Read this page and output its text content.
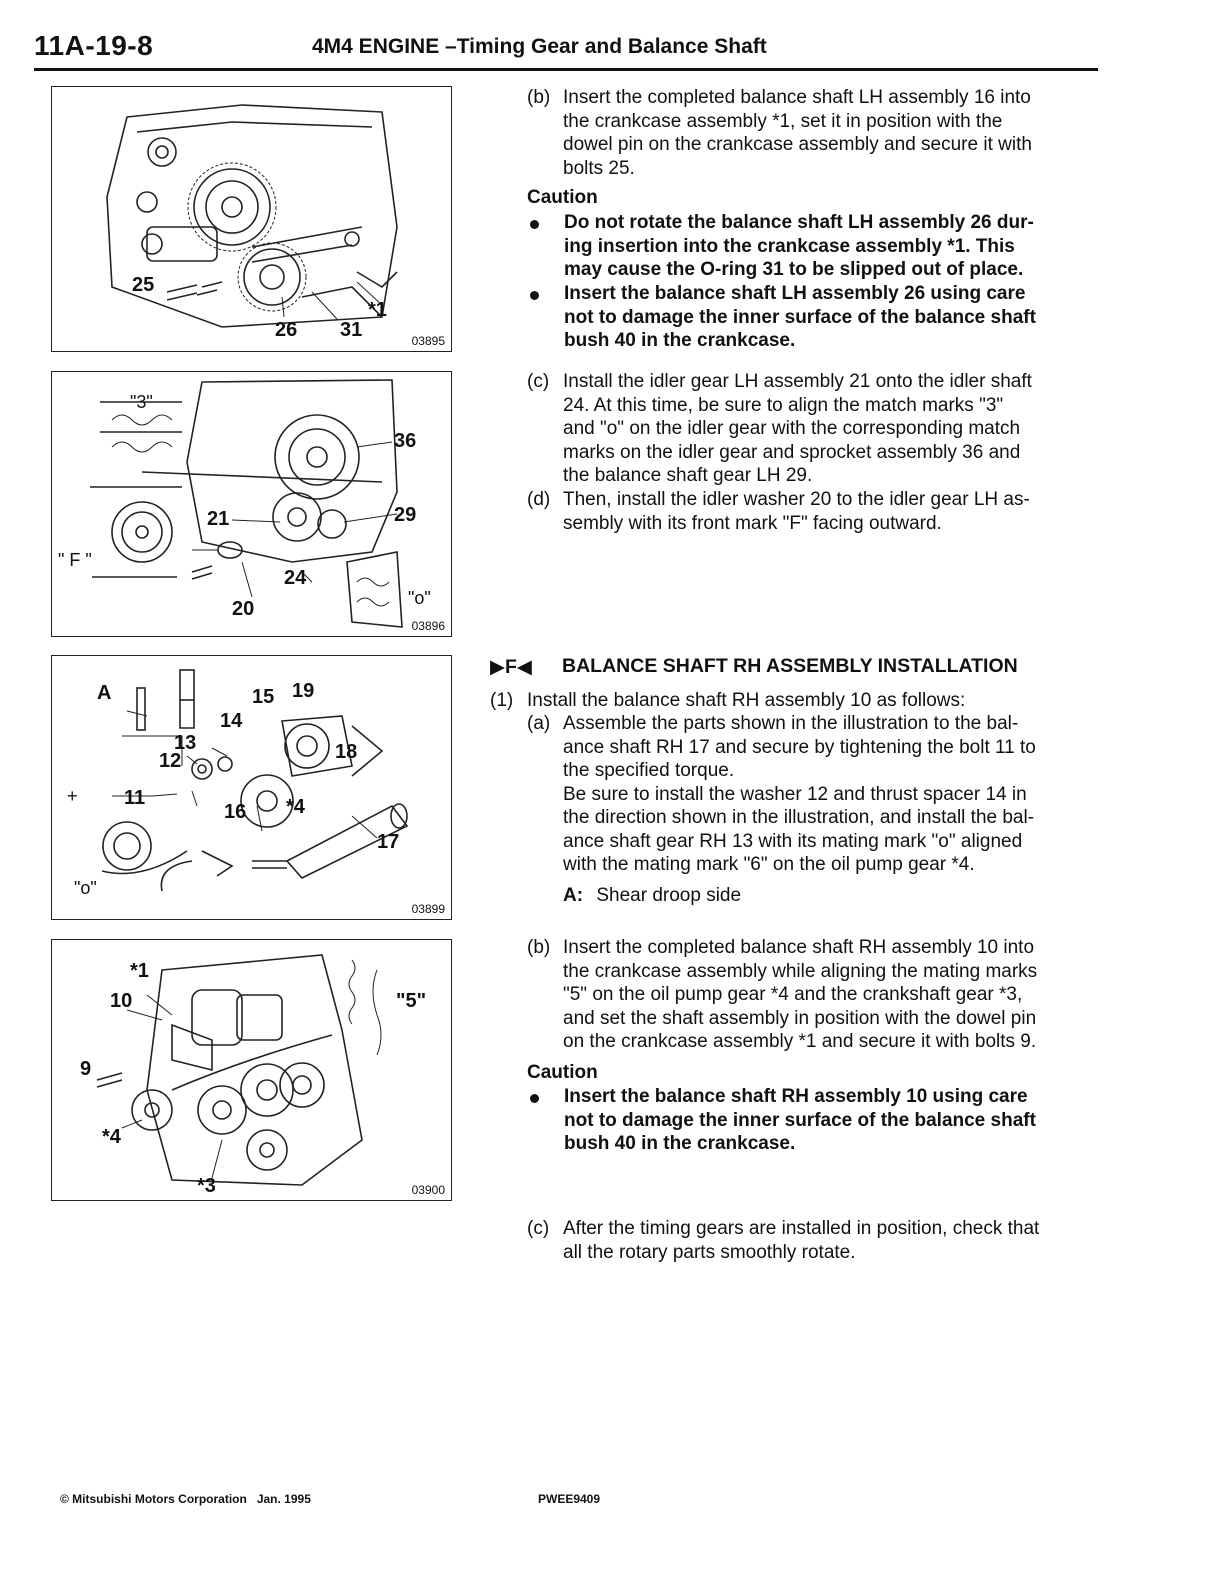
11A-19-8	4M4 ENGINE –Timing Gear and Balance Shaft
25
26 31
*1
03895
"3"
36
21	29
" F "
24
20	"o"
03896
A	15 19
14
13	18
12
11
16 *4
17
"o"
+
03899
*1
10	"5"
9
*4
*3	03900
(b) Insert the completed balance shaft LH assembly 16 into
the crankcase assembly *1, set it in position with the
dowel pin on the crankcase assembly and secure it with
bolts 25.
Caution
Do not rotate the balance shaft LH assembly 26 dur-
ing insertion into the crankcase assembly *1. This
may cause the O-ring 31 to be slipped out of place.
Insert the balance shaft LH assembly 26 using care
not to damage the inner surface of the balance shaft
bush 40 in the crankcase.
(c) Install the idler gear LH assembly 21 onto the idler shaft
24. At this time, be sure to align the match marks "3"
and "o" on the idler gear with the corresponding match
marks on the idler gear and sprocket assembly 36 and
the balance shaft gear LH 29.
(d) Then, install the idler washer 20 to the idler gear LH as-
sembly with its front mark "F" facing outward.
▶F◀ BALANCE SHAFT RH ASSEMBLY INSTALLATION
(1) Install the balance shaft RH assembly 10 as follows:
(a) Assemble the parts shown in the illustration to the bal-
ance shaft RH 17 and secure by tightening the bolt 11 to
the specified torque.
Be sure to install the washer 12 and thrust spacer 14 in
the direction shown in the illustration, and install the bal-
ance shaft gear RH 13 with its mating mark "o" aligned
with the mating mark "6" on the oil pump gear *4.
A: Shear droop side
(b) Insert the completed balance shaft RH assembly 10 into
the crankcase assembly while aligning the mating marks
"5" on the oil pump gear *4 and the crankshaft gear *3,
and set the shaft assembly in position with the dowel pin
on the crankcase assembly *1 and secure it with bolts 9.
Caution
Insert the balance shaft RH assembly 10 using care
not to damage the inner surface of the balance shaft
bush 40 in the crankcase.
(c) After the timing gears are installed in position, check that
all the rotary parts smoothly rotate.
© Mitsubishi Motors Corporation   Jan. 1995	PWEE9409
